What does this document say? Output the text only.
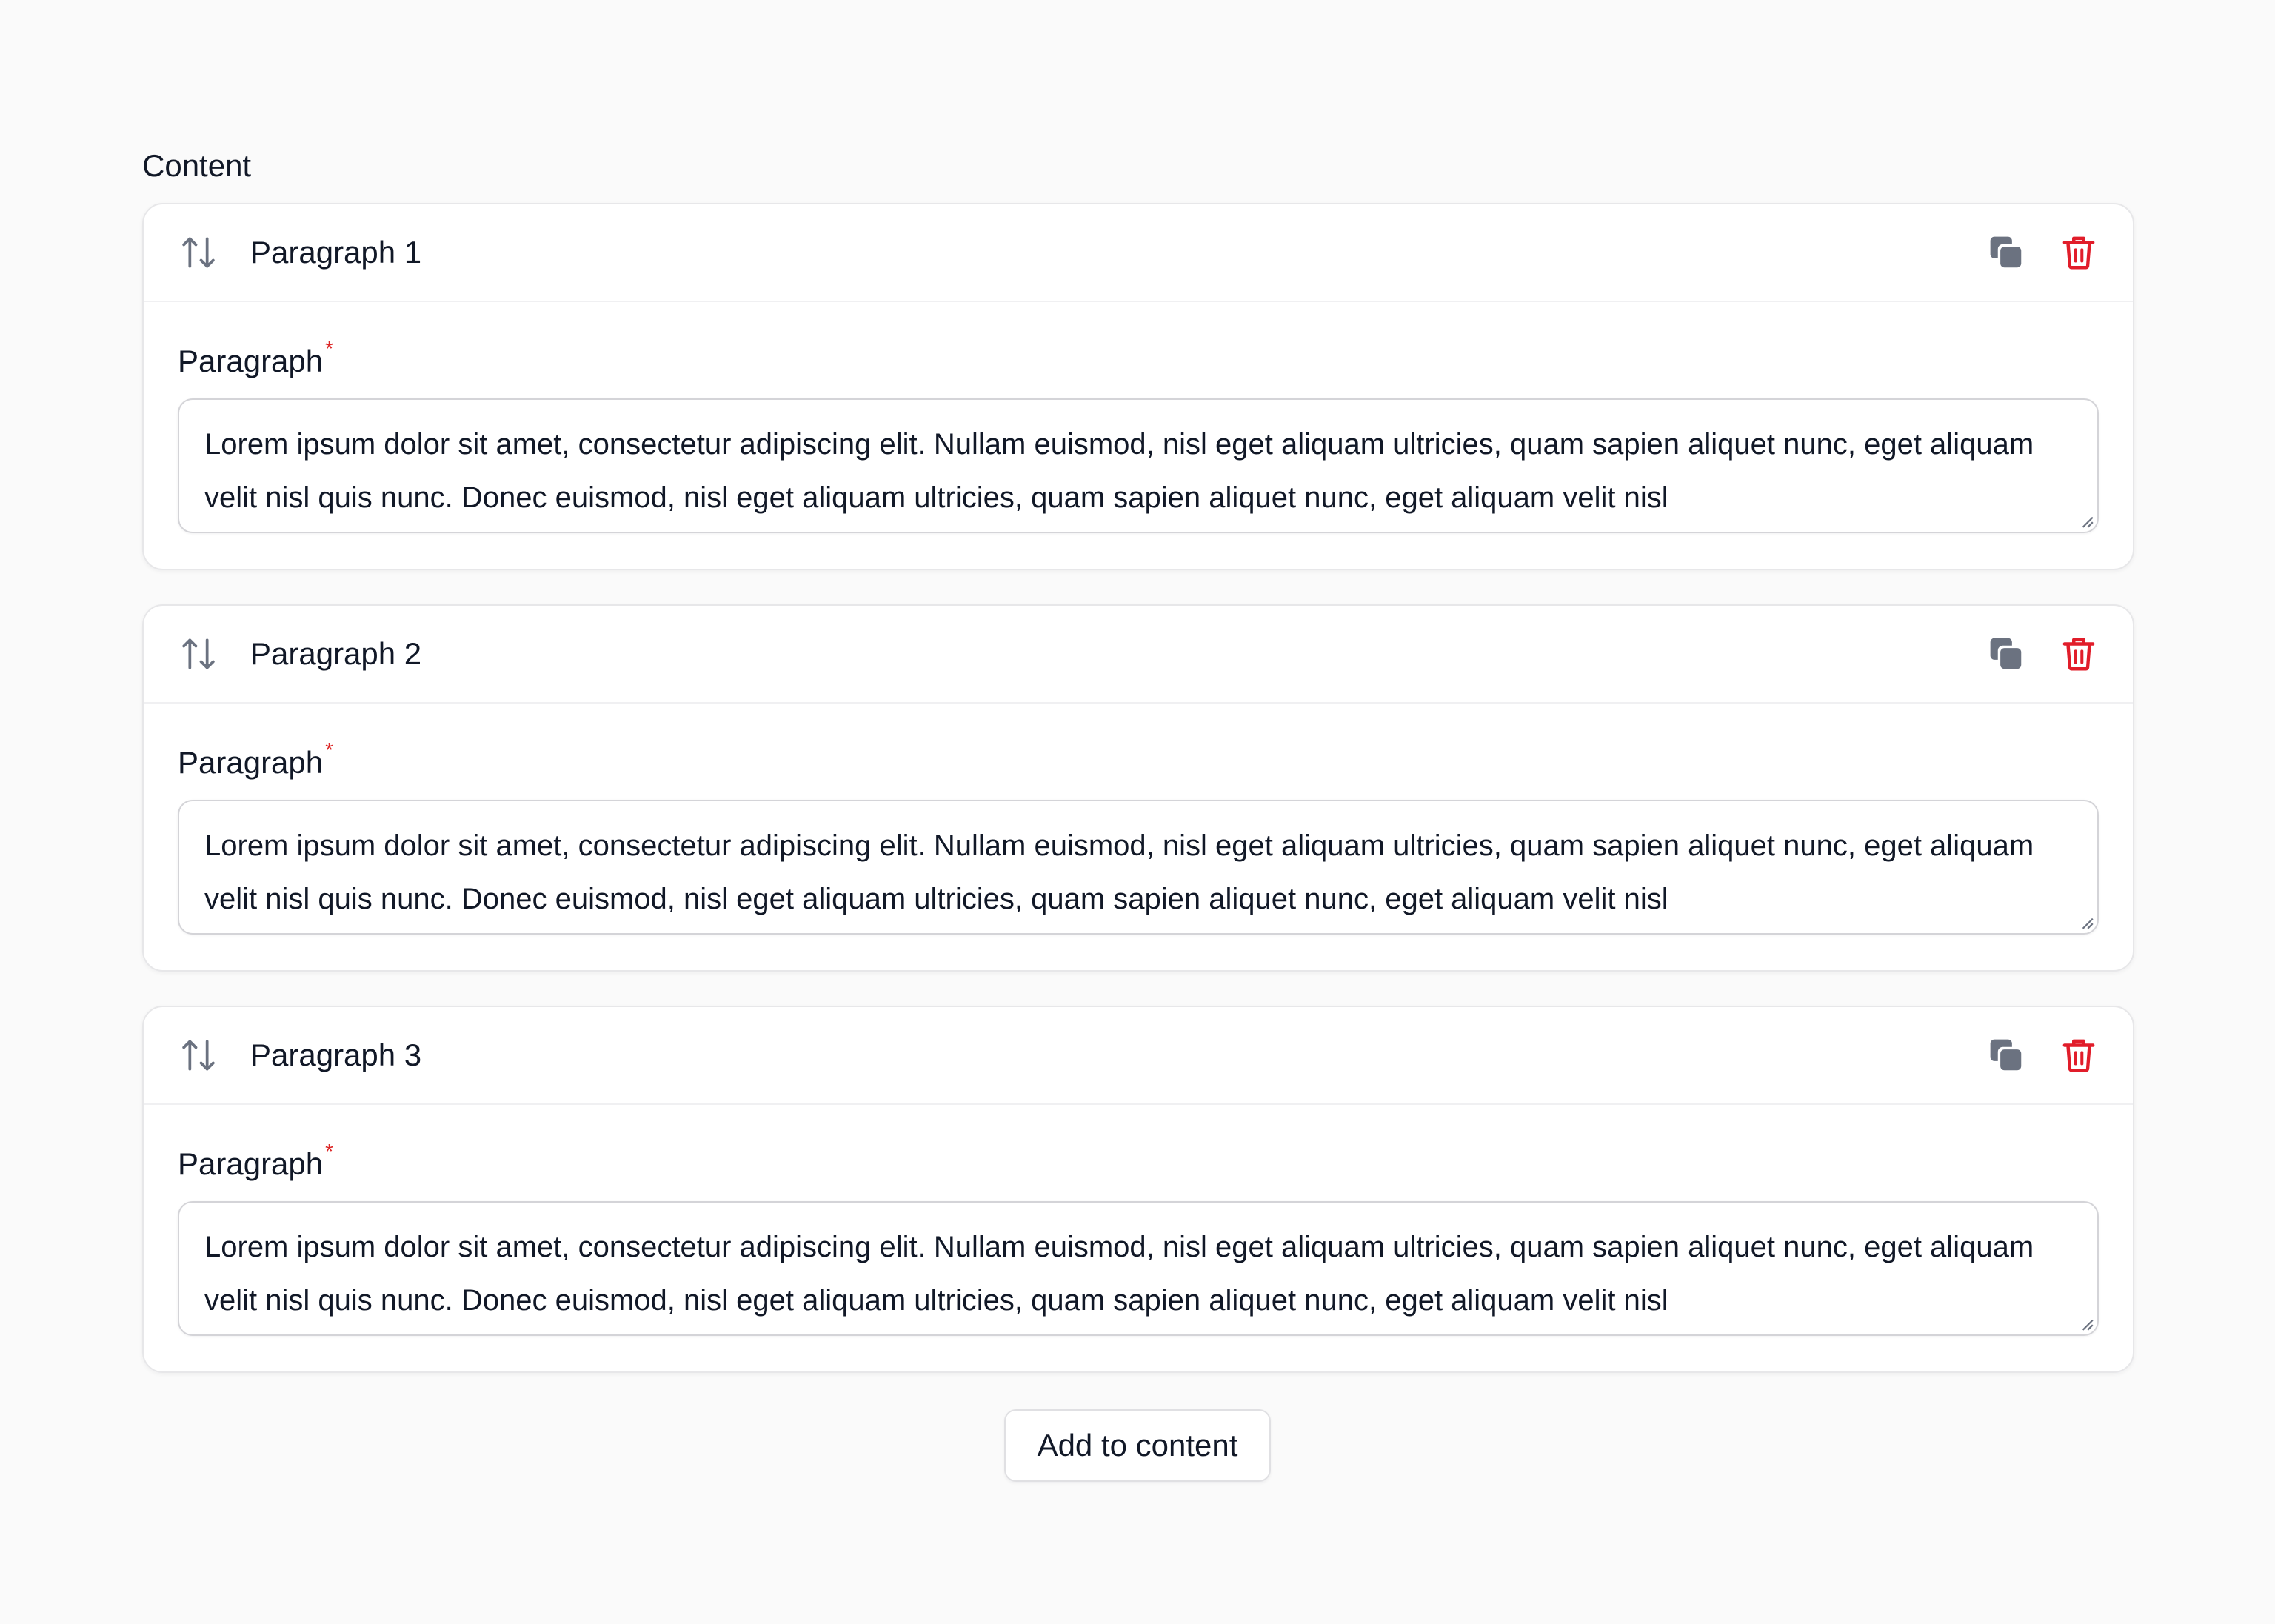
Content
Paragraph 1
Paragraph *
Lorem ipsum dolor sit amet, consectetur adipiscing elit. Nullam euismod, nisl eget aliquam ultricies, quam sapien aliquet nunc, eget aliquam velit nisl quis nunc. Donec euismod, nisl eget aliquam ultricies, quam sapien aliquet nunc, eget aliquam velit nisl
Paragraph 2
Paragraph *
Lorem ipsum dolor sit amet, consectetur adipiscing elit. Nullam euismod, nisl eget aliquam ultricies, quam sapien aliquet nunc, eget aliquam velit nisl quis nunc. Donec euismod, nisl eget aliquam ultricies, quam sapien aliquet nunc, eget aliquam velit nisl
Paragraph 3
Paragraph *
Lorem ipsum dolor sit amet, consectetur adipiscing elit. Nullam euismod, nisl eget aliquam ultricies, quam sapien aliquet nunc, eget aliquam velit nisl quis nunc. Donec euismod, nisl eget aliquam ultricies, quam sapien aliquet nunc, eget aliquam velit nisl
Add to content
